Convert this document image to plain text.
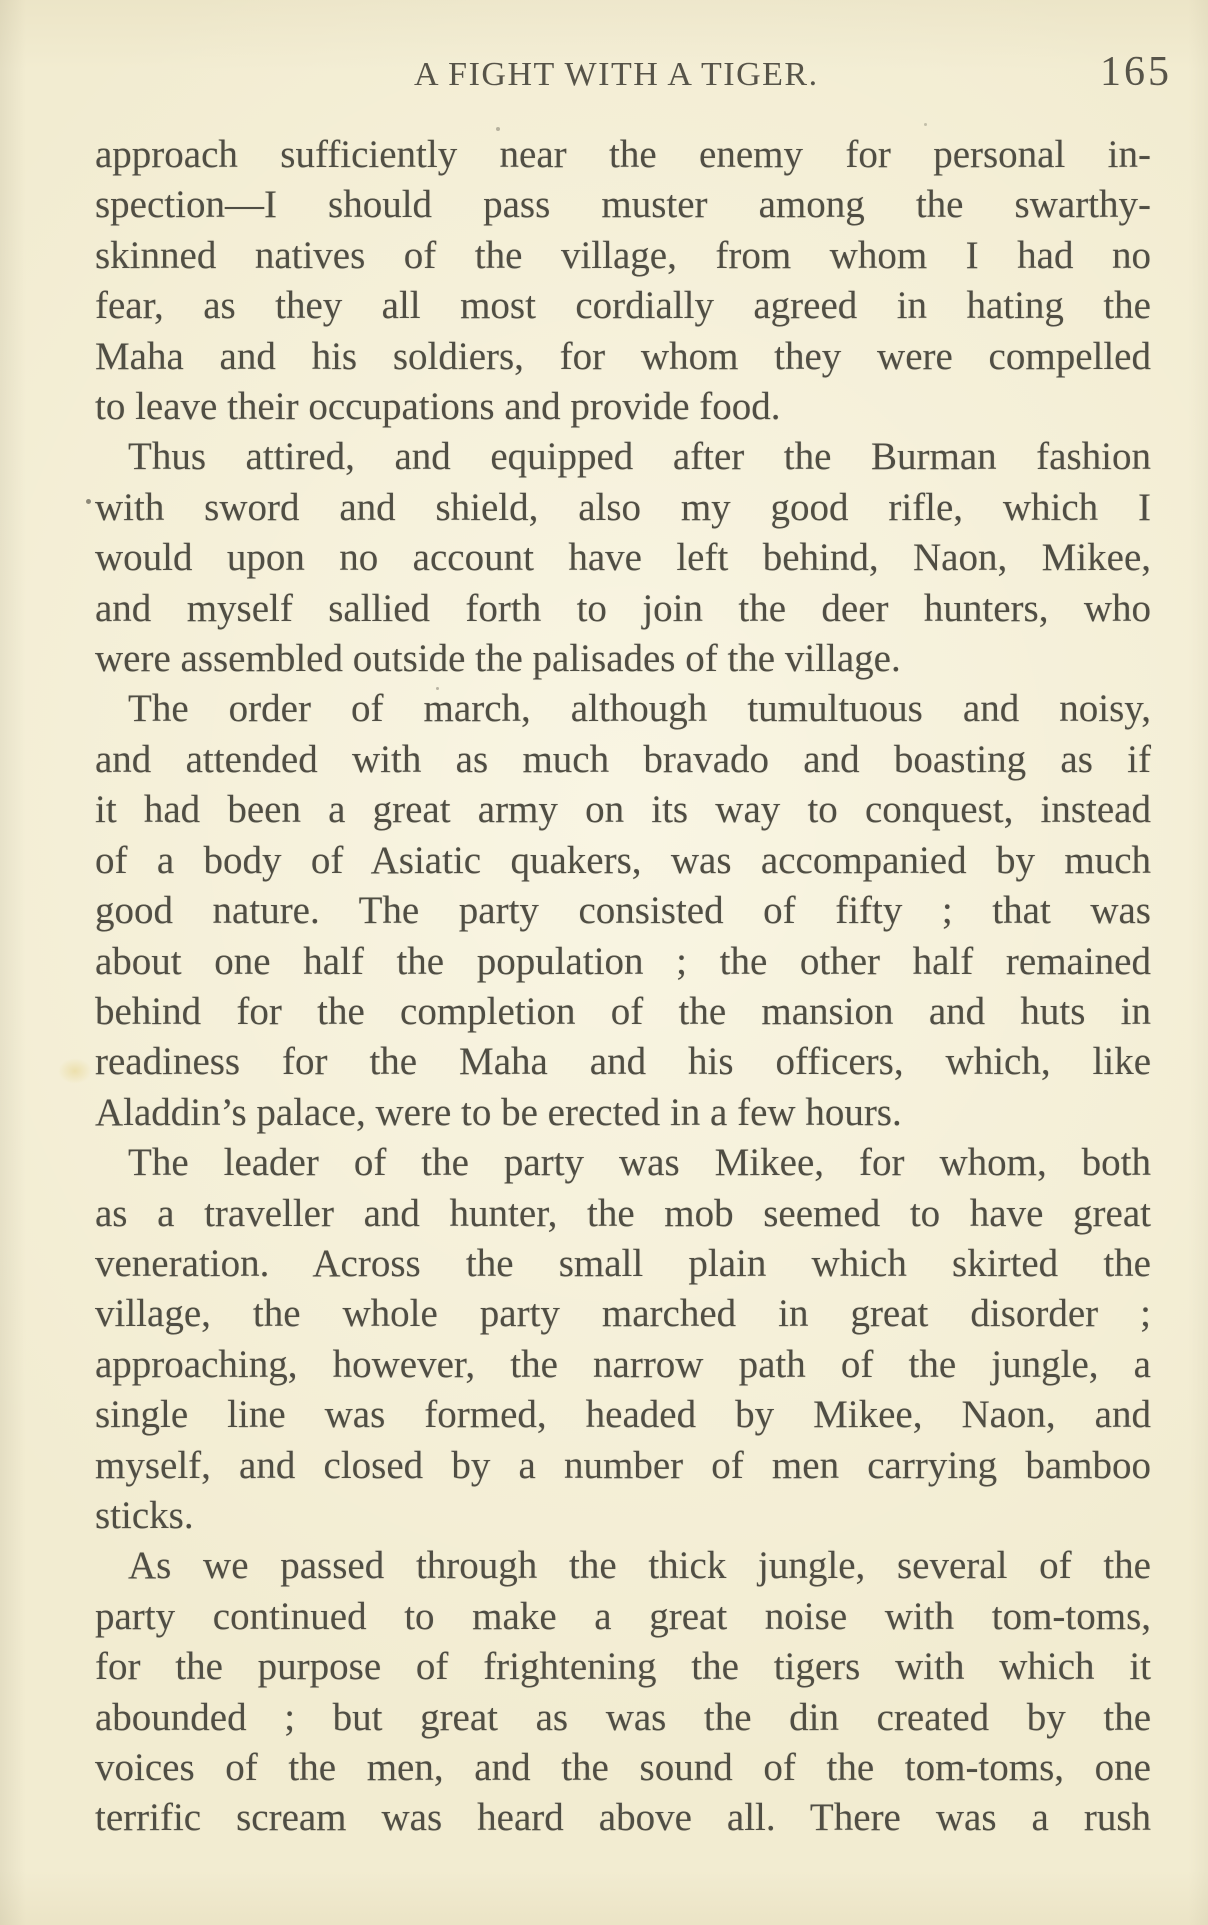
A FIGHT WITH A TIGER.	165
approach sufficiently near the enemy for personal in-
spection—I should pass muster among the swarthy-
skinned natives of the village, from whom I had no
fear, as they all most cordially agreed in hating the
Maha and his soldiers, for whom they were compelled
to leave their occupations and provide food.
Thus attired, and equipped after the Burman fashion
with sword and shield, also my good rifle, which I
would upon no account have left behind, Naon, Mikee,
and myself sallied forth to join the deer hunters, who
were assembled outside the palisades of the village.
The order of march, although tumultuous and noisy,
and attended with as much bravado and boasting as if
it had been a great army on its way to conquest, instead
of a body of Asiatic quakers, was accompanied by much
good nature. The party consisted of fifty ; that was
about one half the population ; the other half remained
behind for the completion of the mansion and huts in
readiness for the Maha and his officers, which, like
Aladdin’s palace, were to be erected in a few hours.
The leader of the party was Mikee, for whom, both
as a traveller and hunter, the mob seemed to have great
veneration. Across the small plain which skirted the
village, the whole party marched in great disorder ;
approaching, however, the narrow path of the jungle, a
single line was formed, headed by Mikee, Naon, and
myself, and closed by a number of men carrying bamboo
sticks.
As we passed through the thick jungle, several of the
party continued to make a great noise with tom-toms,
for the purpose of frightening the tigers with which it
abounded ; but great as was the din created by the
voices of the men, and the sound of the tom-toms, one
terrific scream was heard above all. There was a rush
